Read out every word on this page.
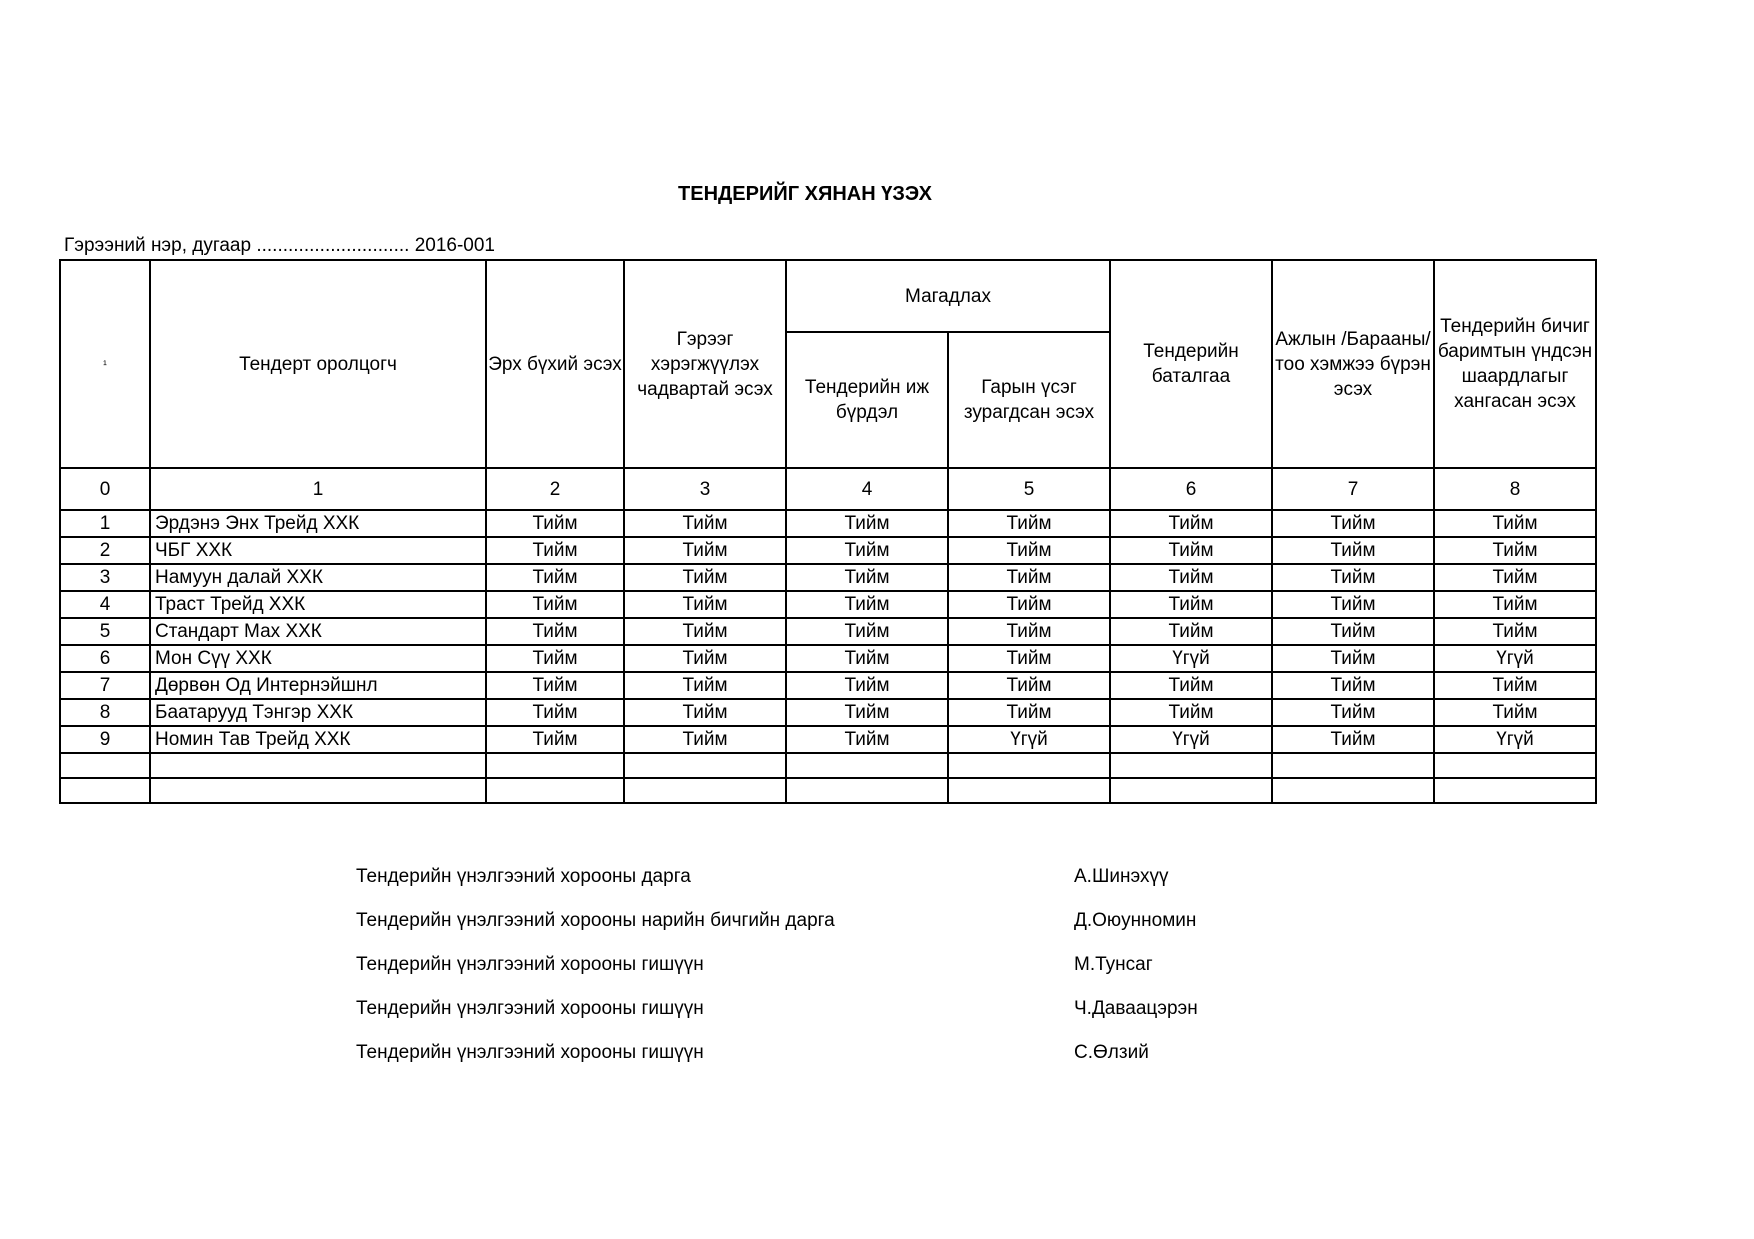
ТЕНДЕРИЙГ ХЯНАН ҮЗЭХ
Гэрээний нэр, дугаар ............................. 2016-001
¹	Тендерт оролцогч	Эрх бүхий эсэх	Гэрээг хэрэгжүүлэх чадвартай эсэх	Магадлах		Тендерийн баталгаа	Ажлын /Барааны/ тоо хэмжээ бүрэн эсэх	Тендерийн бичиг баримтын үндсэн шаардлагыг хангасан эсэх
				Тендерийн иж бүрдэл	Гарын үсэг зурагдсан эсэх			
0	1	2	3	4	5	6	7	8
1	Эрдэнэ Энх Трейд ХХК	Тийм	Тийм	Тийм	Тийм	Тийм	Тийм	Тийм
2	ЧБГ ХХК	Тийм	Тийм	Тийм	Тийм	Тийм	Тийм	Тийм
3	Намуун далай ХХК	Тийм	Тийм	Тийм	Тийм	Тийм	Тийм	Тийм
4	Траст Трейд ХХК	Тийм	Тийм	Тийм	Тийм	Тийм	Тийм	Тийм
5	Стандарт Мах ХХК	Тийм	Тийм	Тийм	Тийм	Тийм	Тийм	Тийм
6	Мон Сүү ХХК	Тийм	Тийм	Тийм	Тийм	Үгүй	Тийм	Үгүй
7	Дөрвөн Од Интернэйшнл	Тийм	Тийм	Тийм	Тийм	Тийм	Тийм	Тийм
8	Баатарууд Тэнгэр ХХК	Тийм	Тийм	Тийм	Тийм	Тийм	Тийм	Тийм
9	Номин Тав Трейд ХХК	Тийм	Тийм	Тийм	Үгүй	Үгүй	Тийм	Үгүй

Тендерийн үнэлгээний хорооны дарга	А.Шинэхүү
Тендерийн үнэлгээний хорооны нарийн бичгийн дарга	Д.Оюунномин
Тендерийн үнэлгээний хорооны гишүүн	М.Тунсаг
Тендерийн үнэлгээний хорооны гишүүн	Ч.Даваацэрэн
Тендерийн үнэлгээний хорооны гишүүн	С.Өлзий
